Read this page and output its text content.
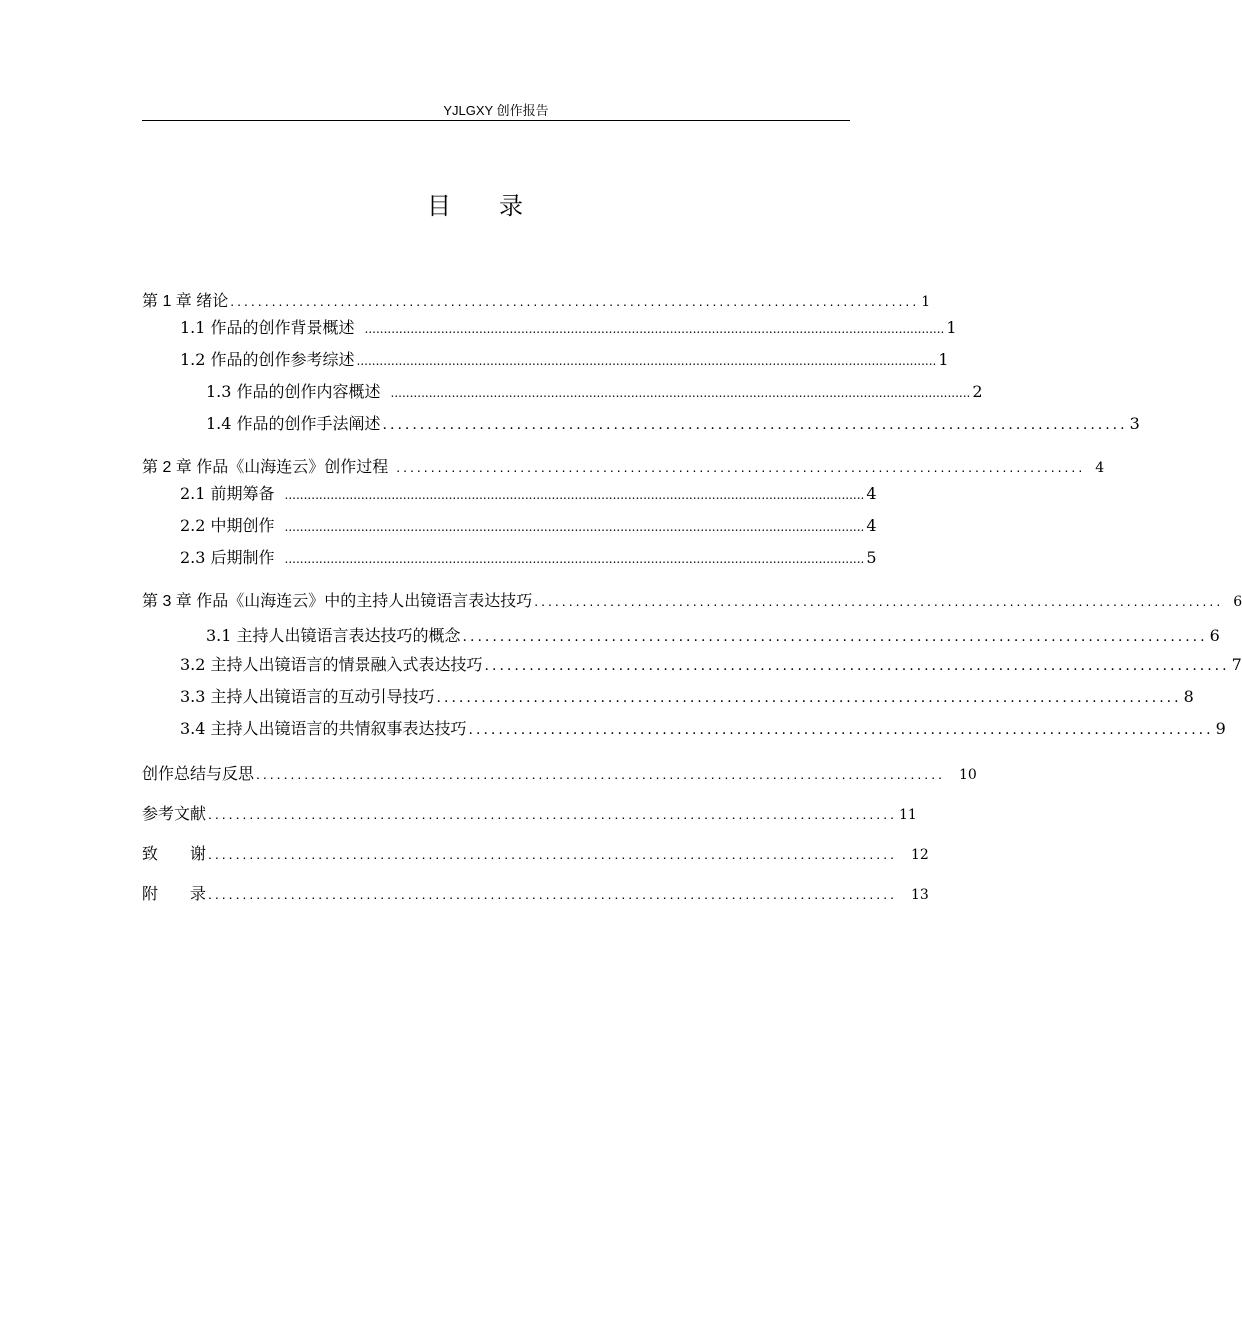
YJLGXY 创作报告
目录
第 1 章 绪论 .................................................................................................... 1
1.1 作品的创作背景概述 ........................................................................................................................................................ 1
1.2 作品的创作参考综述 ........................................................................................................................................................ 1
1.3 作品的创作内容概述 ........................................................................................................................................................ 2
1.4 作品的创作手法阐述 .................................................................................................... 3
第 2 章 作品《山海连云》创作过程 .................................................................................................... 4
2.1 前期筹备 ........................................................................................................................................................ 4
2.2 中期创作 ........................................................................................................................................................ 4
2.3 后期制作 ........................................................................................................................................................ 5
第 3 章 作品《山海连云》中的主持人出镜语言表达技巧 .................................................................................................... 6
3.1 主持人出镜语言表达技巧的概念 .................................................................................................... 6
3.2 主持人出镜语言的情景融入式表达技巧 .................................................................................................... 7
3.3 主持人出镜语言的互动引导技巧 .................................................................................................... 8
3.4 主持人出镜语言的共情叙事表达技巧 .................................................................................................... 9
创作总结与反思 .................................................................................................... 10
参考文献 .................................................................................................... 11
致　　谢 .................................................................................................... 12
附　　录 .................................................................................................... 13
